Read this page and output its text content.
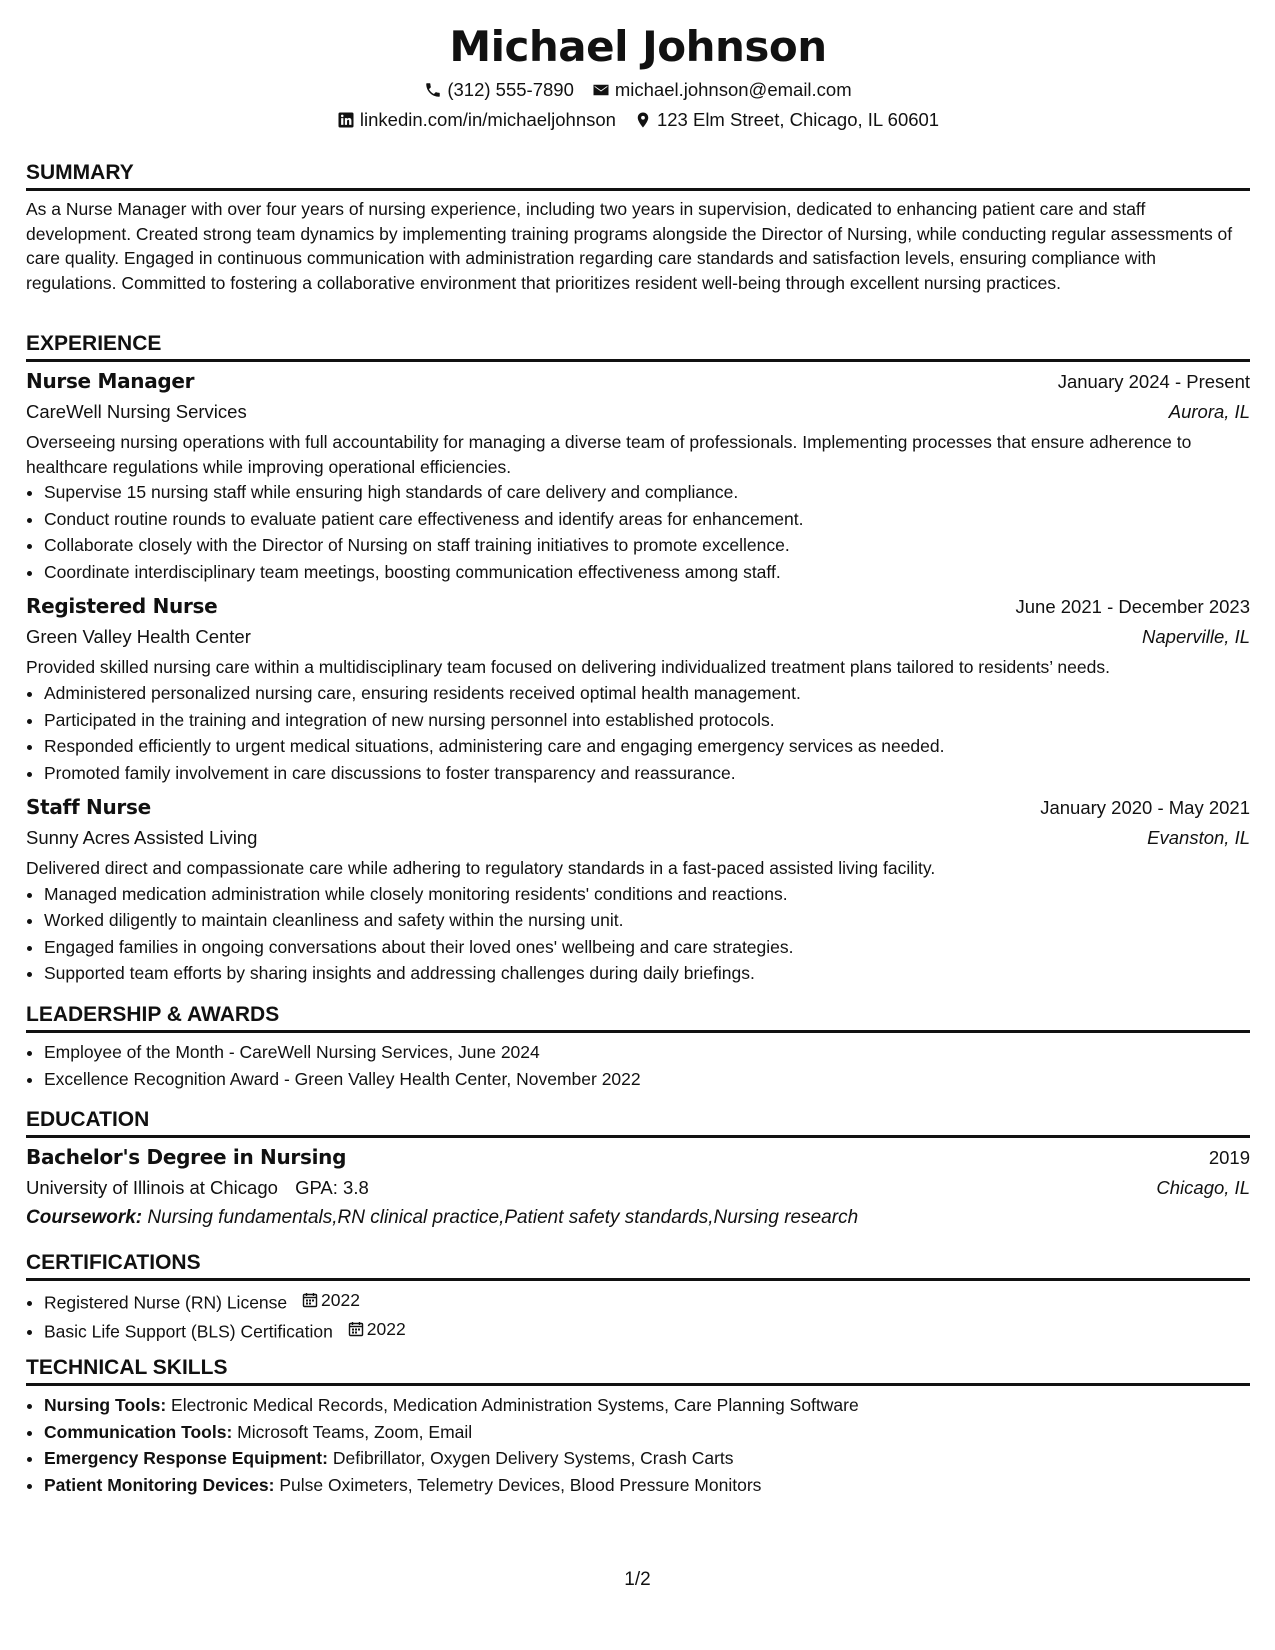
Michael Johnson
(312) 555-7890 michael.johnson@email.com
linkedin.com/in/michaeljohnson 123 Elm Street, Chicago, IL 60601
SUMMARY

As a Nurse Manager with over four years of nursing experience, including two years in supervision, dedicated to enhancing patient care and staff development. Created strong team dynamics by implementing training programs alongside the Director of Nursing, while conducting regular assessments of care quality. Engaged in continuous communication with administration regarding care standards and satisfaction levels, ensuring compliance with regulations. Committed to fostering a collaborative environment that prioritizes resident well-being through excellent nursing practices.

EXPERIENCE
Nurse Manager	January 2024 - Present
CareWell Nursing Services	Aurora, IL

Overseeing nursing operations with full accountability for managing a diverse team of professionals. Implementing processes that ensure adherence to healthcare regulations while improving operational efficiencies.

• Supervise 15 nursing staff while ensuring high standards of care delivery and compliance.
• Conduct routine rounds to evaluate patient care effectiveness and identify areas for enhancement.
• Collaborate closely with the Director of Nursing on staff training initiatives to promote excellence.
• Coordinate interdisciplinary team meetings, boosting communication effectiveness among staff.
Registered Nurse	June 2021 - December 2023
Green Valley Health Center	Naperville, IL

Provided skilled nursing care within a multidisciplinary team focused on delivering individualized treatment plans tailored to residents’ needs.

• Administered personalized nursing care, ensuring residents received optimal health management.
• Participated in the training and integration of new nursing personnel into established protocols.
• Responded efficiently to urgent medical situations, administering care and engaging emergency services as needed.
• Promoted family involvement in care discussions to foster transparency and reassurance.
Staff Nurse	January 2020 - May 2021
Sunny Acres Assisted Living	Evanston, IL

Delivered direct and compassionate care while adhering to regulatory standards in a fast-paced assisted living facility.

• Managed medication administration while closely monitoring residents' conditions and reactions.
• Worked diligently to maintain cleanliness and safety within the nursing unit.
• Engaged families in ongoing conversations about their loved ones' wellbeing and care strategies.
• Supported team efforts by sharing insights and addressing challenges during daily briefings.
LEADERSHIP & AWARDS
• Employee of the Month - CareWell Nursing Services, June 2024
• Excellence Recognition Award - Green Valley Health Center, November 2022
EDUCATION
Bachelor's Degree in Nursing	2019
University of Illinois at Chicago GPA: 3.8	Chicago, IL
Coursework: Nursing fundamentals,RN clinical practice,Patient safety standards,Nursing research
CERTIFICATIONS
• Registered Nurse (RN) License 2022
• Basic Life Support (BLS) Certification 2022
TECHNICAL SKILLS
• Nursing Tools: Electronic Medical Records, Medication Administration Systems, Care Planning Software
• Communication Tools: Microsoft Teams, Zoom, Email
• Emergency Response Equipment: Defibrillator, Oxygen Delivery Systems, Crash Carts
• Patient Monitoring Devices: Pulse Oximeters, Telemetry Devices, Blood Pressure Monitors
1/2
